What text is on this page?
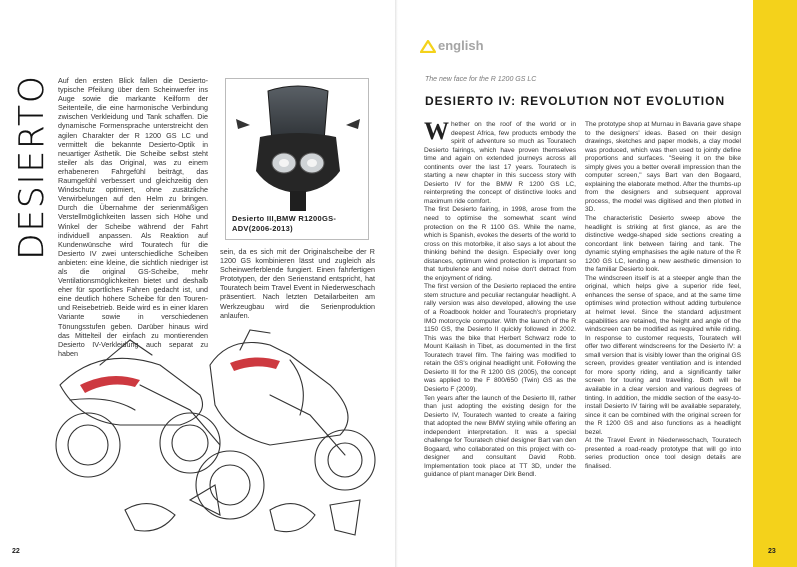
DESIERTO Auf den ersten Blick fallen die Desierto-typische Pfeilung über dem Scheinwerfer ins Auge sowie die markante Keilform der Seitenteile, die eine harmonische Verbindung zwischen Verkleidung und Tank schaffen. Die dynamische Formensprache unterstreicht den agilen Charakter der R 1200 GS LC und vermittelt die bekannte Desierto-Optik in neuartiger Ästhetik. Die Scheibe selbst steht steiler als das Original, was zu einem erhabeneren Fahrgefühl beiträgt, das Raumgefühl verbessert und gleichzeitig den Windschutz optimiert, ohne zusätzliche Verwirbelungen auf den Helm zu bringen. Durch die Übernahme der serienmäßigen Verstellmöglichkeiten lassen sich Höhe und Winkel der Scheibe während der Fahrt individuell anpassen. Als Reaktion auf Kundenwünsche wird Touratech für die Desierto IV zwei unterschiedliche Scheiben anbieten: eine kleine, die sichtlich niedriger ist als die original GS-Scheibe, mehr Ventilationsmöglichkeiten bietet und deshalb eher für sportliches Fahren gedacht ist, und eine deutlich höhere Scheibe für den Touren- und Reisebetrieb. Beide wird es in einer klaren Variante sowie in verschiedenen Tönungsstufen geben. Darüber hinaus wird das Mittelteil der einfach zu montierenden Desierto IV-Verkleidung auch separat zu haben
Desierto III,BMW R1200GS-ADV(2006-2013)
sein, da es sich mit der Originalscheibe der R 1200 GS kombinieren lässt und zugleich als Scheinwerferblende fungiert. Einen fahrfertigen Prototypen, der den Serienstand entspricht, hat Touratech beim Travel Event in Niederweschach präsentiert. Nach letzten Detailarbeiten am Werkzeugbau wird die Serienproduktion anlaufen.
22
english
The new face for the R 1200 GS LC
DESIERTO IV: REVOLUTION NOT EVOLUTION

Whether on the roof of the world or in deepest Africa, few products embody the spirit of adventure so much as Touratech Desierto fairings, which have proven themselves time and again on extended journeys across all continents over the last 17 years. Touratech is starting a new chapter in this success story with Desierto IV for the BMW R 1200 GS LC, reinterpreting the concept of distinctive looks and maximum ride comfort.

The first Desierto fairing, in 1998, arose from the need to optimise the somewhat scant wind protection on the R 1100 GS. While the name, which is Spanish, evokes the deserts of the world to cross on this motorbike, it also says a lot about the thinking behind the design. Especially over long distances, optimum wind protection is important so that turbulence and wind noise don't detract from the enjoyment of riding.

The first version of the Desierto replaced the entire stem structure and peculiar rectangular headlight. A rally version was also developed, allowing the use of a Roadbook holder and Touratech's proprietary IMO motorcycle computer. With the launch of the R 1150 GS, the Desierto II quickly followed in 2002. This was the bike that Herbert Schwarz rode to Mount Kailash in Tibet, as documented in the first Touratech travel film. The fairing was modified to retain the GS's original headlight unit. Following the Desierto III for the R 1200 GS (2005), the concept was applied to the F 800/650 (Twin) GS as the Desierto F (2009).

Ten years after the launch of the Desierto III, rather than just adopting the existing design for the Desierto IV, Touratech wanted to create a fairing that adopted the new BMW styling while offering an independent interpretation. It was a special challenge for Touratech chief designer Bart van den Bogaard, who collaborated on this project with co-designer and consultant David Robb. Implementation took place at TT 3D, under the guidance of plant manager Dirk Bendl.

The prototype shop at Murnau in Bavaria gave shape to the designers' ideas. Based on their design drawings, sketches and paper models, a clay model was produced, which was then used to jointly define proportions and surfaces. "Seeing it on the bike simply gives you a better overall impression than the computer screen," says Bart van den Bogaard, explaining the elaborate method. After the thumbs-up from the designers and subsequent approval process, the model was digitised and then plotted in 3D.

The characteristic Desierto sweep above the headlight is striking at first glance, as are the distinctive wedge-shaped side sections creating a concordant link between fairing and tank. The dynamic styling emphasises the agile nature of the R 1200 GS LC, lending a new aesthetic dimension to the familiar Desierto look.

The windscreen itself is at a steeper angle than the original, which helps give a superior ride feel, enhances the sense of space, and at the same time optimises wind protection without adding turbulence at helmet level. Since the standard adjustment capabilities are retained, the height and angle of the windscreen can be modified as required while riding. In response to customer requests, Touratech will offer two different windscreens for the Desierto IV: a small version that is visibly lower than the original GS screen, provides greater ventilation and is intended for more sporty riding, and a significantly taller screen for touring and travelling. Both will be available in a clear version and various degrees of tinting. In addition, the middle section of the easy-to-install Desierto IV fairing will be available separately, since it can be combined with the original screen for the R 1200 GS and also functions as a headlight bezel.

At the Travel Event in Niederweschach, Touratech presented a road-ready prototype that will go into series production once tool design details are finalised.

23
